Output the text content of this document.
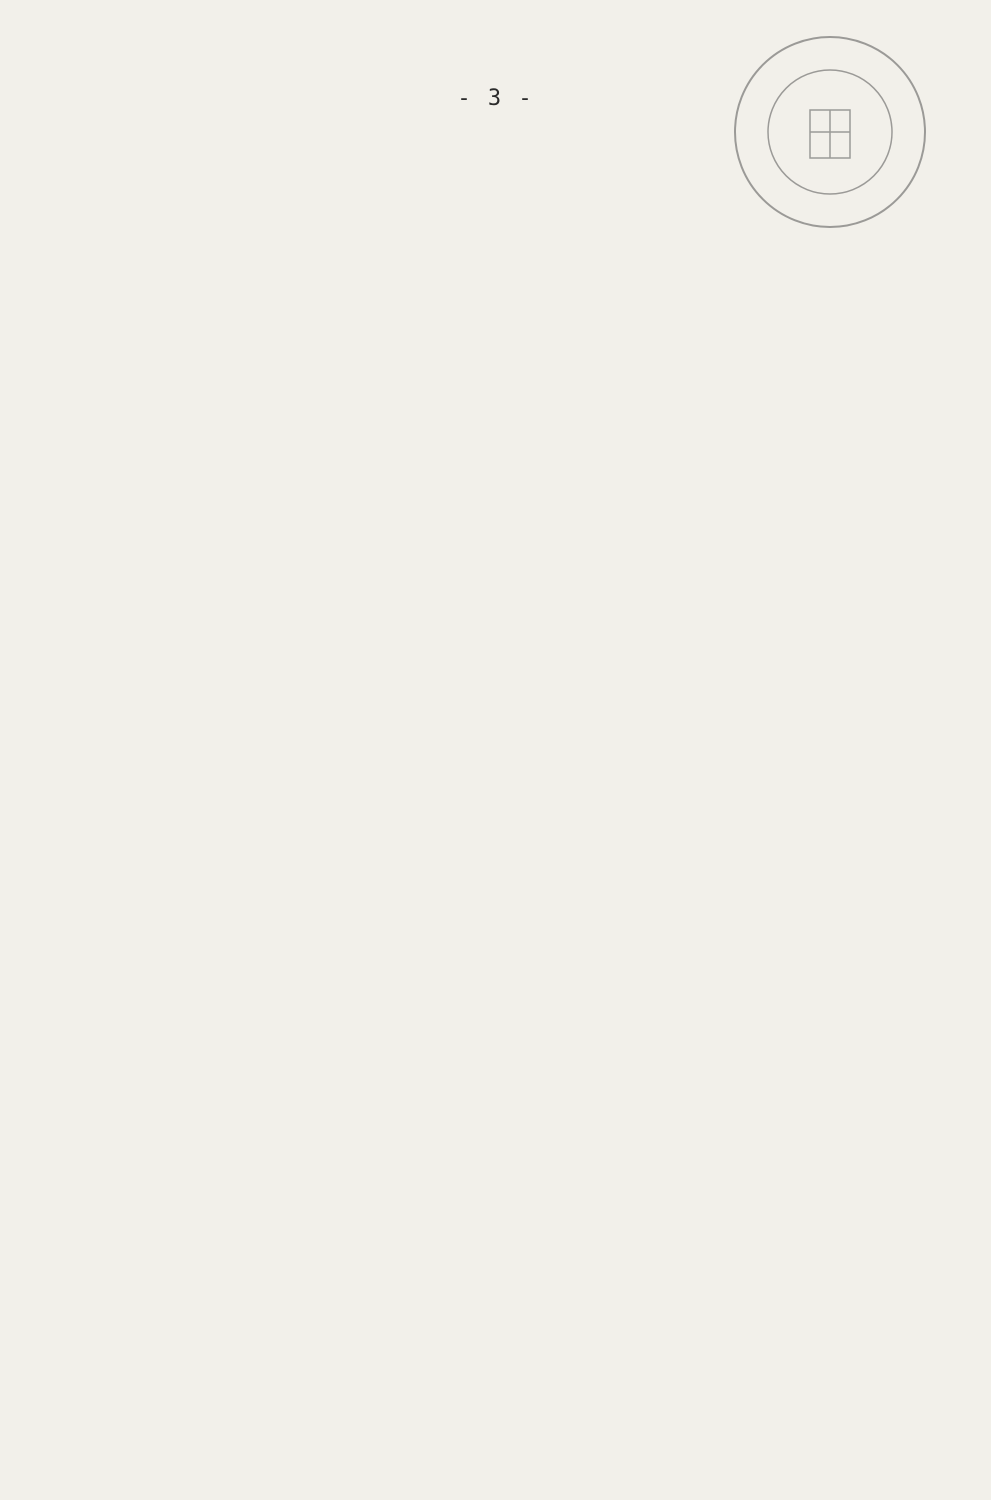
- 3 -
